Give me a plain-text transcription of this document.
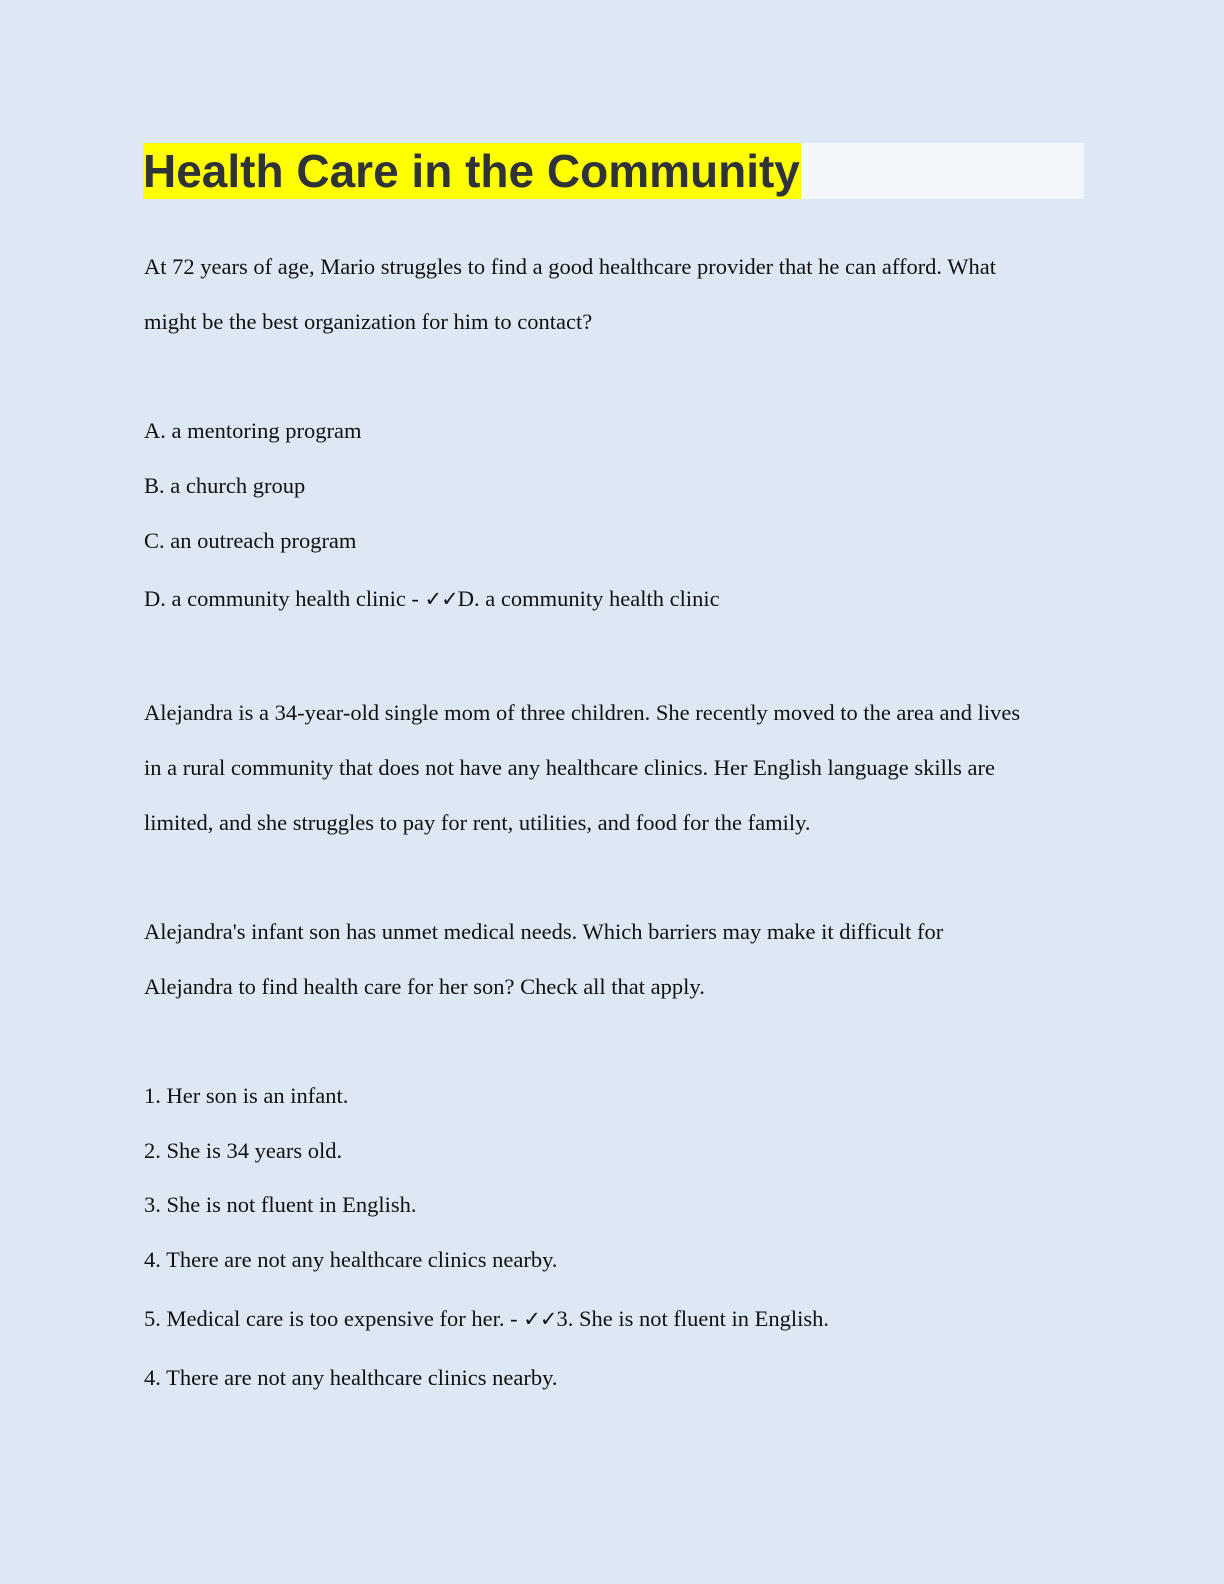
Health Care in the Community
At 72 years of age, Mario struggles to find a good healthcare provider that he can afford. What
might be the best organization for him to contact?
A. a mentoring program
B. a church group
C. an outreach program
D. a community health clinic - ✓✓D. a community health clinic
Alejandra is a 34-year-old single mom of three children. She recently moved to the area and lives
in a rural community that does not have any healthcare clinics. Her English language skills are
limited, and she struggles to pay for rent, utilities, and food for the family.
Alejandra's infant son has unmet medical needs. Which barriers may make it difficult for
Alejandra to find health care for her son? Check all that apply.
1. Her son is an infant.
2. She is 34 years old.
3. She is not fluent in English.
4. There are not any healthcare clinics nearby.
5. Medical care is too expensive for her. - ✓✓3. She is not fluent in English.
4. There are not any healthcare clinics nearby.
